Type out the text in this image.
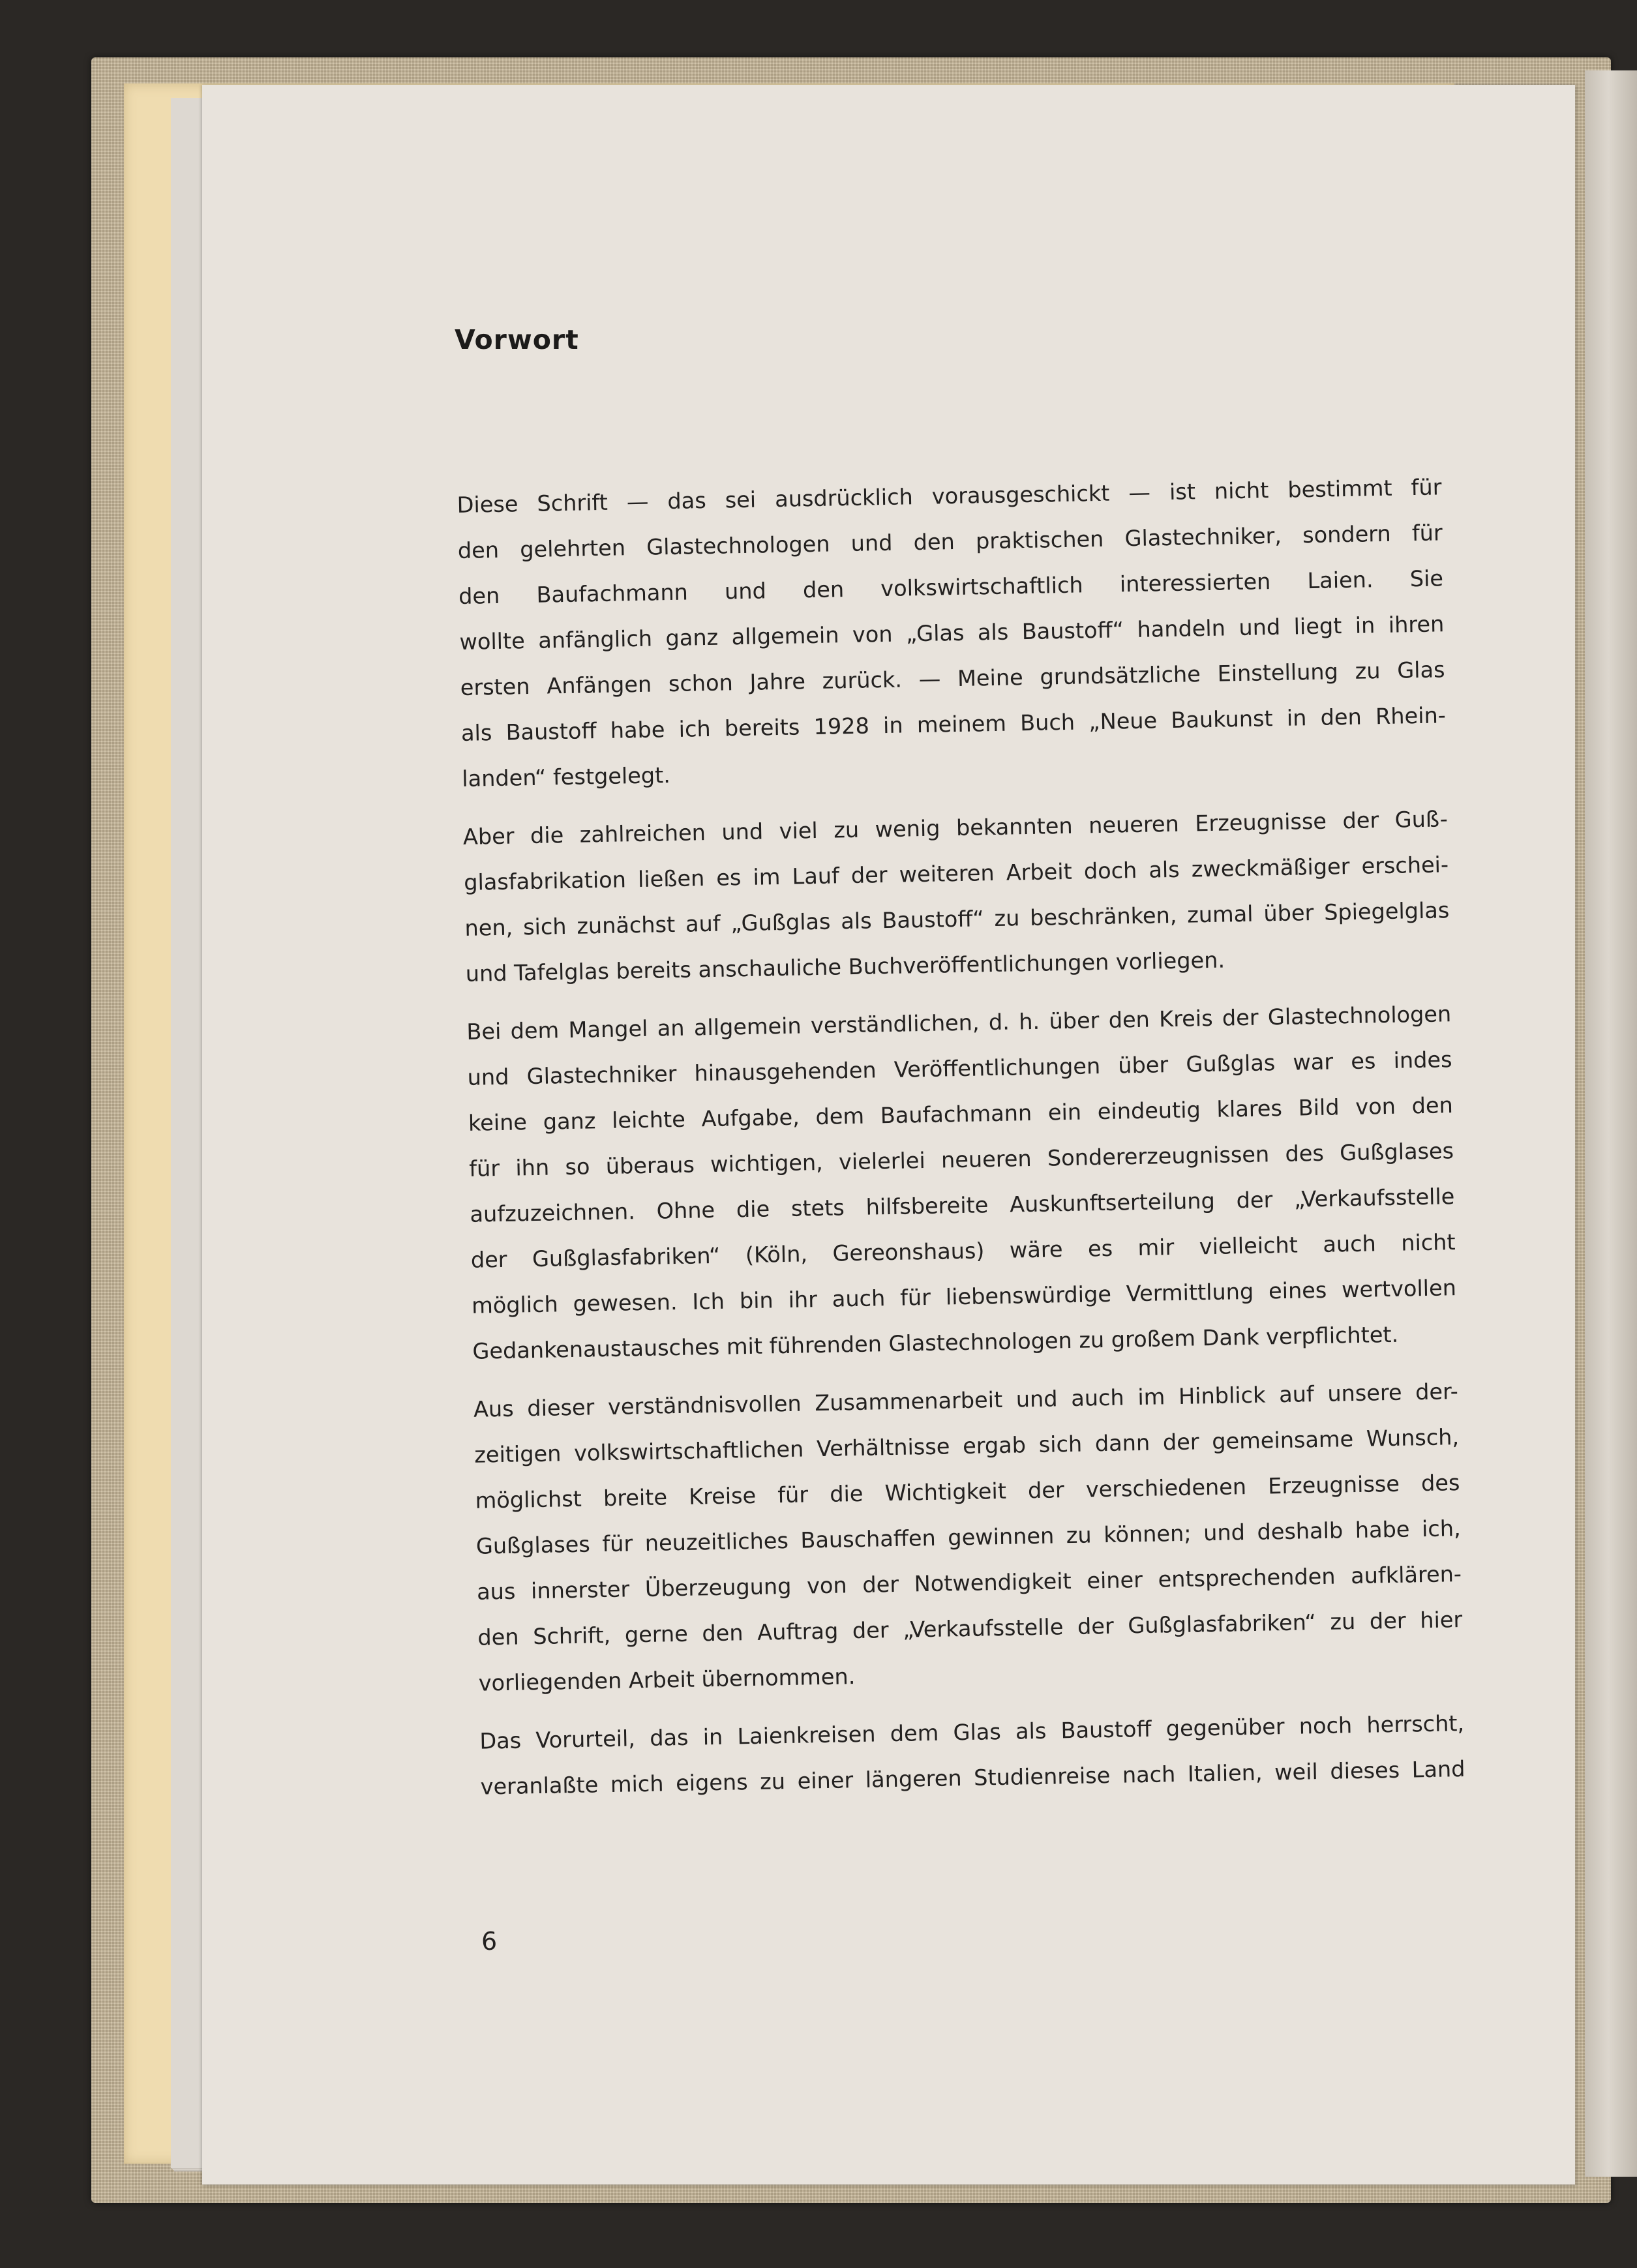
Vorwort
Diese Schrift — das sei ausdrücklich vorausgeschickt — ist nicht bestimmt für
den gelehrten Glastechnologen und den praktischen Glastechniker, sondern für
den Baufachmann und den volkswirtschaftlich interessierten Laien. Sie
wollte anfänglich ganz allgemein von „Glas als Baustoff“ handeln und liegt in ihren
ersten Anfängen schon Jahre zurück. — Meine grundsätzliche Einstellung zu Glas
als Baustoff habe ich bereits 1928 in meinem Buch „Neue Baukunst in den Rhein-
landen“ festgelegt.
Aber die zahlreichen und viel zu wenig bekannten neueren Erzeugnisse der Guß-
glasfabrikation ließen es im Lauf der weiteren Arbeit doch als zweckmäßiger erschei-
nen, sich zunächst auf „Gußglas als Baustoff“ zu beschränken, zumal über Spiegelglas
und Tafelglas bereits anschauliche Buchveröffentlichungen vorliegen.
Bei dem Mangel an allgemein verständlichen, d. h. über den Kreis der Glastechnologen
und Glastechniker hinausgehenden Veröffentlichungen über Gußglas war es indes
keine ganz leichte Aufgabe, dem Baufachmann ein eindeutig klares Bild von den
für ihn so überaus wichtigen, vielerlei neueren Sondererzeugnissen des Gußglases
aufzuzeichnen. Ohne die stets hilfsbereite Auskunftserteilung der „Verkaufsstelle
der Gußglasfabriken“ (Köln, Gereonshaus) wäre es mir vielleicht auch nicht
möglich gewesen. Ich bin ihr auch für liebenswürdige Vermittlung eines wertvollen
Gedankenaustausches mit führenden Glastechnologen zu großem Dank verpflichtet.
Aus dieser verständnisvollen Zusammenarbeit und auch im Hinblick auf unsere der-
zeitigen volkswirtschaftlichen Verhältnisse ergab sich dann der gemeinsame Wunsch,
möglichst breite Kreise für die Wichtigkeit der verschiedenen Erzeugnisse des
Gußglases für neuzeitliches Bauschaffen gewinnen zu können; und deshalb habe ich,
aus innerster Überzeugung von der Notwendigkeit einer entsprechenden aufklären-
den Schrift, gerne den Auftrag der „Verkaufsstelle der Gußglasfabriken“ zu der hier
vorliegenden Arbeit übernommen.
Das Vorurteil, das in Laienkreisen dem Glas als Baustoff gegenüber noch herrscht,
veranlaßte mich eigens zu einer längeren Studienreise nach Italien, weil dieses Land
6
